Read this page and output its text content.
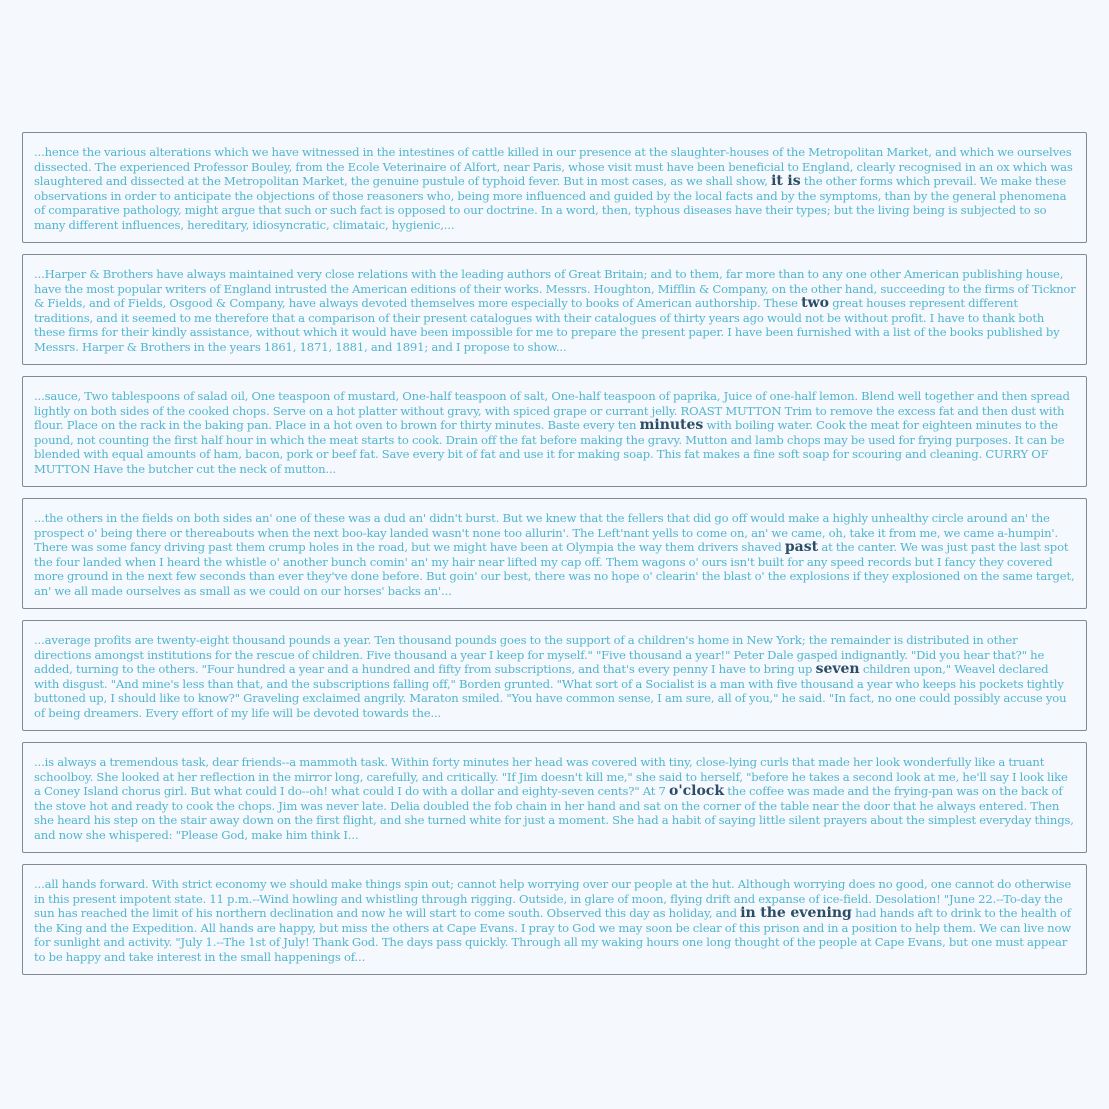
...hence the various alterations which we have witnessed in the intestines of cattle killed in our presence at the slaughter-houses of the Metropolitan Market, and which we ourselves dissected. The experienced Professor Bouley, from the Ecole Veterinaire of Alfort, near Paris, whose visit must have been beneficial to England, clearly recognised in an ox which was slaughtered and dissected at the Metropolitan Market, the genuine pustule of typhoid fever. But in most cases, as we shall show, it is the other forms which prevail. We make these observations in order to anticipate the objections of those reasoners who, being more influenced and guided by the local facts and by the symptoms, than by the general phenomena of comparative pathology, might argue that such or such fact is opposed to our doctrine. In a word, then, typhous diseases have their types; but the living being is subjected to so many different influences, hereditary, idiosyncratic, climataic, hygienic,...

...Harper & Brothers have always maintained very close relations with the leading authors of Great Britain; and to them, far more than to any one other American publishing house, have the most popular writers of England intrusted the American editions of their works. Messrs. Houghton, Mifflin & Company, on the other hand, succeeding to the firms of Ticknor & Fields, and of Fields, Osgood & Company, have always devoted themselves more especially to books of American authorship. These two great houses represent different traditions, and it seemed to me therefore that a comparison of their present catalogues with their catalogues of thirty years ago would not be without profit. I have to thank both these firms for their kindly assistance, without which it would have been impossible for me to prepare the present paper. I have been furnished with a list of the books published by Messrs. Harper & Brothers in the years 1861, 1871, 1881, and 1891; and I propose to show...

...sauce, Two tablespoons of salad oil, One teaspoon of mustard, One-half teaspoon of salt, One-half teaspoon of paprika, Juice of one-half lemon. Blend well together and then spread lightly on both sides of the cooked chops. Serve on a hot platter without gravy, with spiced grape or currant jelly. ROAST MUTTON Trim to remove the excess fat and then dust with flour. Place on the rack in the baking pan. Place in a hot oven to brown for thirty minutes. Baste every ten minutes with boiling water. Cook the meat for eighteen minutes to the pound, not counting the first half hour in which the meat starts to cook. Drain off the fat before making the gravy. Mutton and lamb chops may be used for frying purposes. It can be blended with equal amounts of ham, bacon, pork or beef fat. Save every bit of fat and use it for making soap. This fat makes a fine soft soap for scouring and cleaning. CURRY OF MUTTON Have the butcher cut the neck of mutton...

...the others in the fields on both sides an' one of these was a dud an' didn't burst. But we knew that the fellers that did go off would make a highly unhealthy circle around an' the prospect o' being there or thereabouts when the next boo-kay landed wasn't none too allurin'. The Left'nant yells to come on, an' we came, oh, take it from me, we came a-humpin'. There was some fancy driving past them crump holes in the road, but we might have been at Olympia the way them drivers shaved past at the canter. We was just past the last spot the four landed when I heard the whistle o' another bunch comin' an' my hair near lifted my cap off. Them wagons o' ours isn't built for any speed records but I fancy they covered more ground in the next few seconds than ever they've done before. But goin' our best, there was no hope o' clearin' the blast o' the explosions if they explosioned on the same target, an' we all made ourselves as small as we could on our horses' backs an'...

...average profits are twenty-eight thousand pounds a year. Ten thousand pounds goes to the support of a children's home in New York; the remainder is distributed in other directions amongst institutions for the rescue of children. Five thousand a year I keep for myself." "Five thousand a year!" Peter Dale gasped indignantly. "Did you hear that?" he added, turning to the others. "Four hundred a year and a hundred and fifty from subscriptions, and that's every penny I have to bring up seven children upon," Weavel declared with disgust. "And mine's less than that, and the subscriptions falling off," Borden grunted. "What sort of a Socialist is a man with five thousand a year who keeps his pockets tightly buttoned up, I should like to know?" Graveling exclaimed angrily. Maraton smiled. "You have common sense, I am sure, all of you," he said. "In fact, no one could possibly accuse you of being dreamers. Every effort of my life will be devoted towards the...

...is always a tremendous task, dear friends--a mammoth task. Within forty minutes her head was covered with tiny, close-lying curls that made her look wonderfully like a truant schoolboy. She looked at her reflection in the mirror long, carefully, and critically. "If Jim doesn't kill me," she said to herself, "before he takes a second look at me, he'll say I look like a Coney Island chorus girl. But what could I do--oh! what could I do with a dollar and eighty-seven cents?" At 7 o'clock the coffee was made and the frying-pan was on the back of the stove hot and ready to cook the chops. Jim was never late. Delia doubled the fob chain in her hand and sat on the corner of the table near the door that he always entered. Then she heard his step on the stair away down on the first flight, and she turned white for just a moment. She had a habit of saying little silent prayers about the simplest everyday things, and now she whispered: "Please God, make him think I...

...all hands forward. With strict economy we should make things spin out; cannot help worrying over our people at the hut. Although worrying does no good, one cannot do otherwise in this present impotent state. 11 p.m.--Wind howling and whistling through rigging. Outside, in glare of moon, flying drift and expanse of ice-field. Desolation! "June 22.--To-day the sun has reached the limit of his northern declination and now he will start to come south. Observed this day as holiday, and in the evening had hands aft to drink to the health of the King and the Expedition. All hands are happy, but miss the others at Cape Evans. I pray to God we may soon be clear of this prison and in a position to help them. We can live now for sunlight and activity. "July 1.--The 1st of July! Thank God. The days pass quickly. Through all my waking hours one long thought of the people at Cape Evans, but one must appear to be happy and take interest in the small happenings of...
